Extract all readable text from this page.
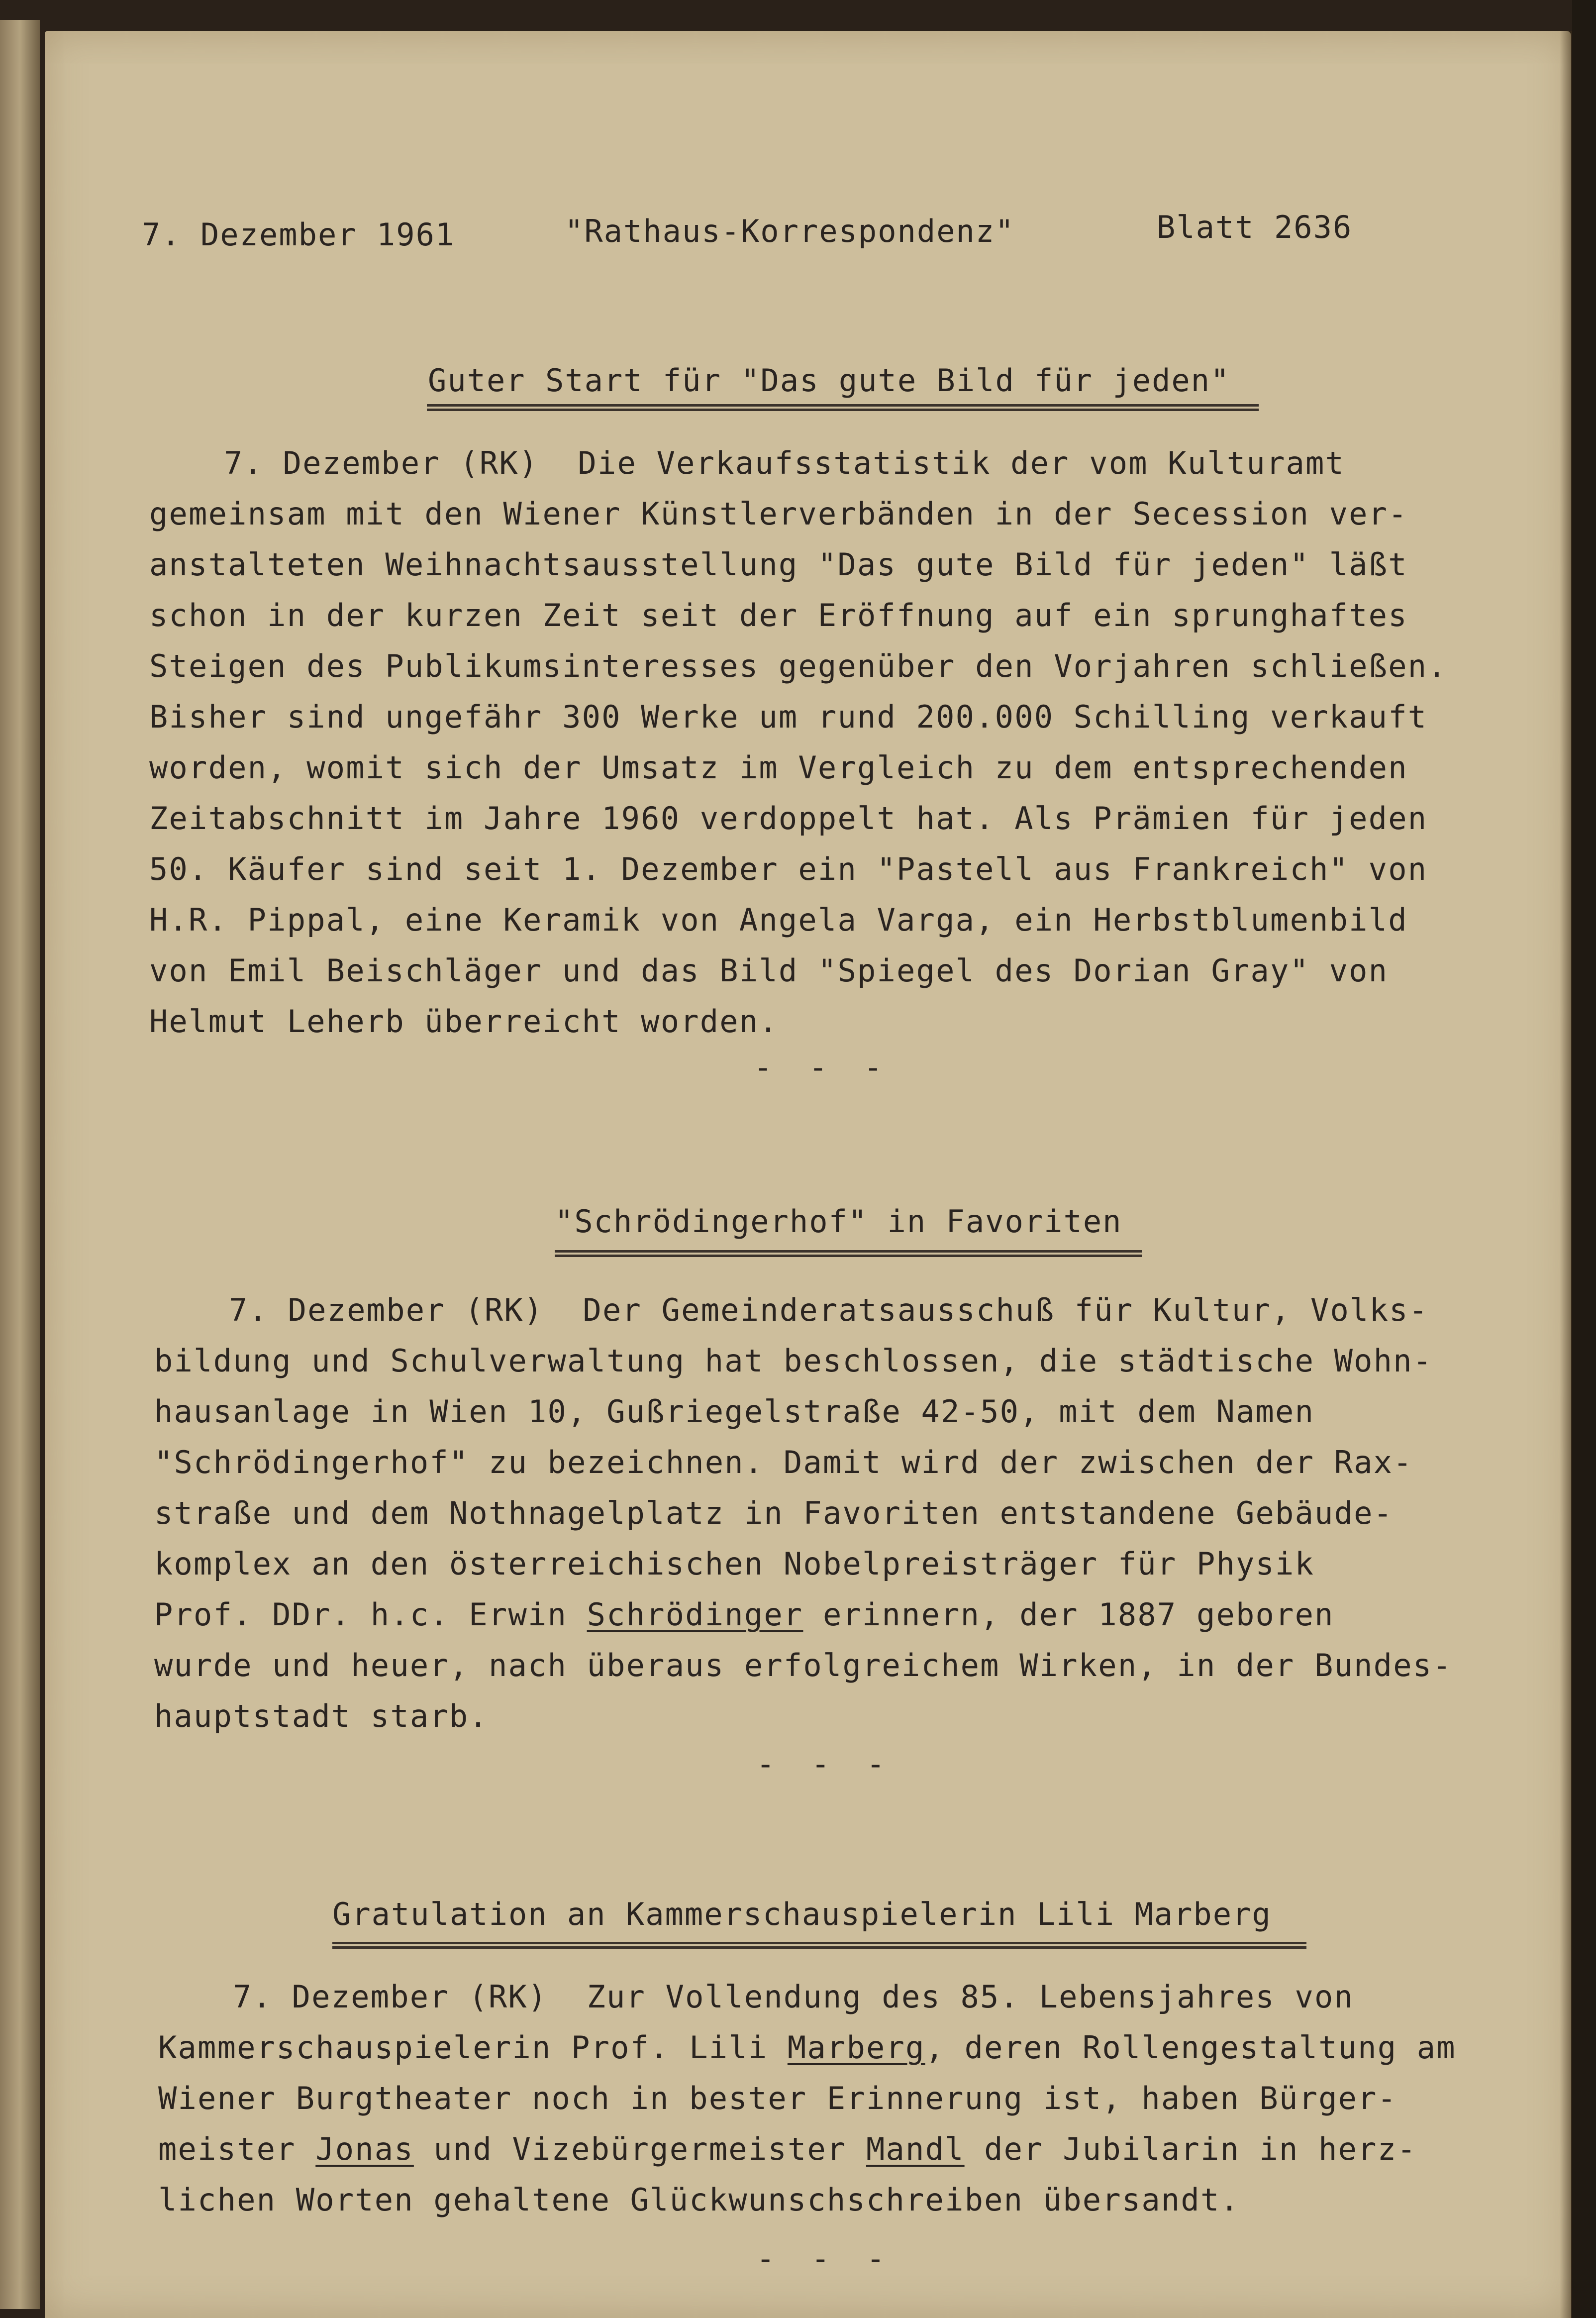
7. Dezember 1961	"Rathaus-Korrespondenz"	Blatt 2636
Guter Start für "Das gute Bild für jeden"
7. Dezember (RK)  Die Verkaufsstatistik der vom Kulturamt
gemeinsam mit den Wiener Künstlerverbänden in der Secession ver-
anstalteten Weihnachtsausstellung "Das gute Bild für jeden" läßt
schon in der kurzen Zeit seit der Eröffnung auf ein sprunghaftes
Steigen des Publikumsinteresses gegenüber den Vorjahren schließen.
Bisher sind ungefähr 300 Werke um rund 200.000 Schilling verkauft
worden, womit sich der Umsatz im Vergleich zu dem entsprechenden
Zeitabschnitt im Jahre 1960 verdoppelt hat. Als Prämien für jeden
50. Käufer sind seit 1. Dezember ein "Pastell aus Frankreich" von
H.R. Pippal, eine Keramik von Angela Varga, ein Herbstblumenbild
von Emil Beischläger und das Bild "Spiegel des Dorian Gray" von
Helmut Leherb überreicht worden.
- - -
"Schrödingerhof" in Favoriten
7. Dezember (RK)  Der Gemeinderatsausschuß für Kultur, Volks-
bildung und Schulverwaltung hat beschlossen, die städtische Wohn-
hausanlage in Wien 10, Gußriegelstraße 42-50, mit dem Namen
"Schrödingerhof" zu bezeichnen. Damit wird der zwischen der Rax-
straße und dem Nothnagelplatz in Favoriten entstandene Gebäude-
komplex an den österreichischen Nobelpreisträger für Physik
Prof. DDr. h.c. Erwin Schrödinger erinnern, der 1887 geboren
wurde und heuer, nach überaus erfolgreichem Wirken, in der Bundes-
hauptstadt starb.
- - -
Gratulation an Kammerschauspielerin Lili Marberg
7. Dezember (RK)  Zur Vollendung des 85. Lebensjahres von
Kammerschauspielerin Prof. Lili Marberg, deren Rollengestaltung am
Wiener Burgtheater noch in bester Erinnerung ist, haben Bürger-
meister Jonas und Vizebürgermeister Mandl der Jubilarin in herz-
lichen Worten gehaltene Glückwunschschreiben übersandt.
- - -
